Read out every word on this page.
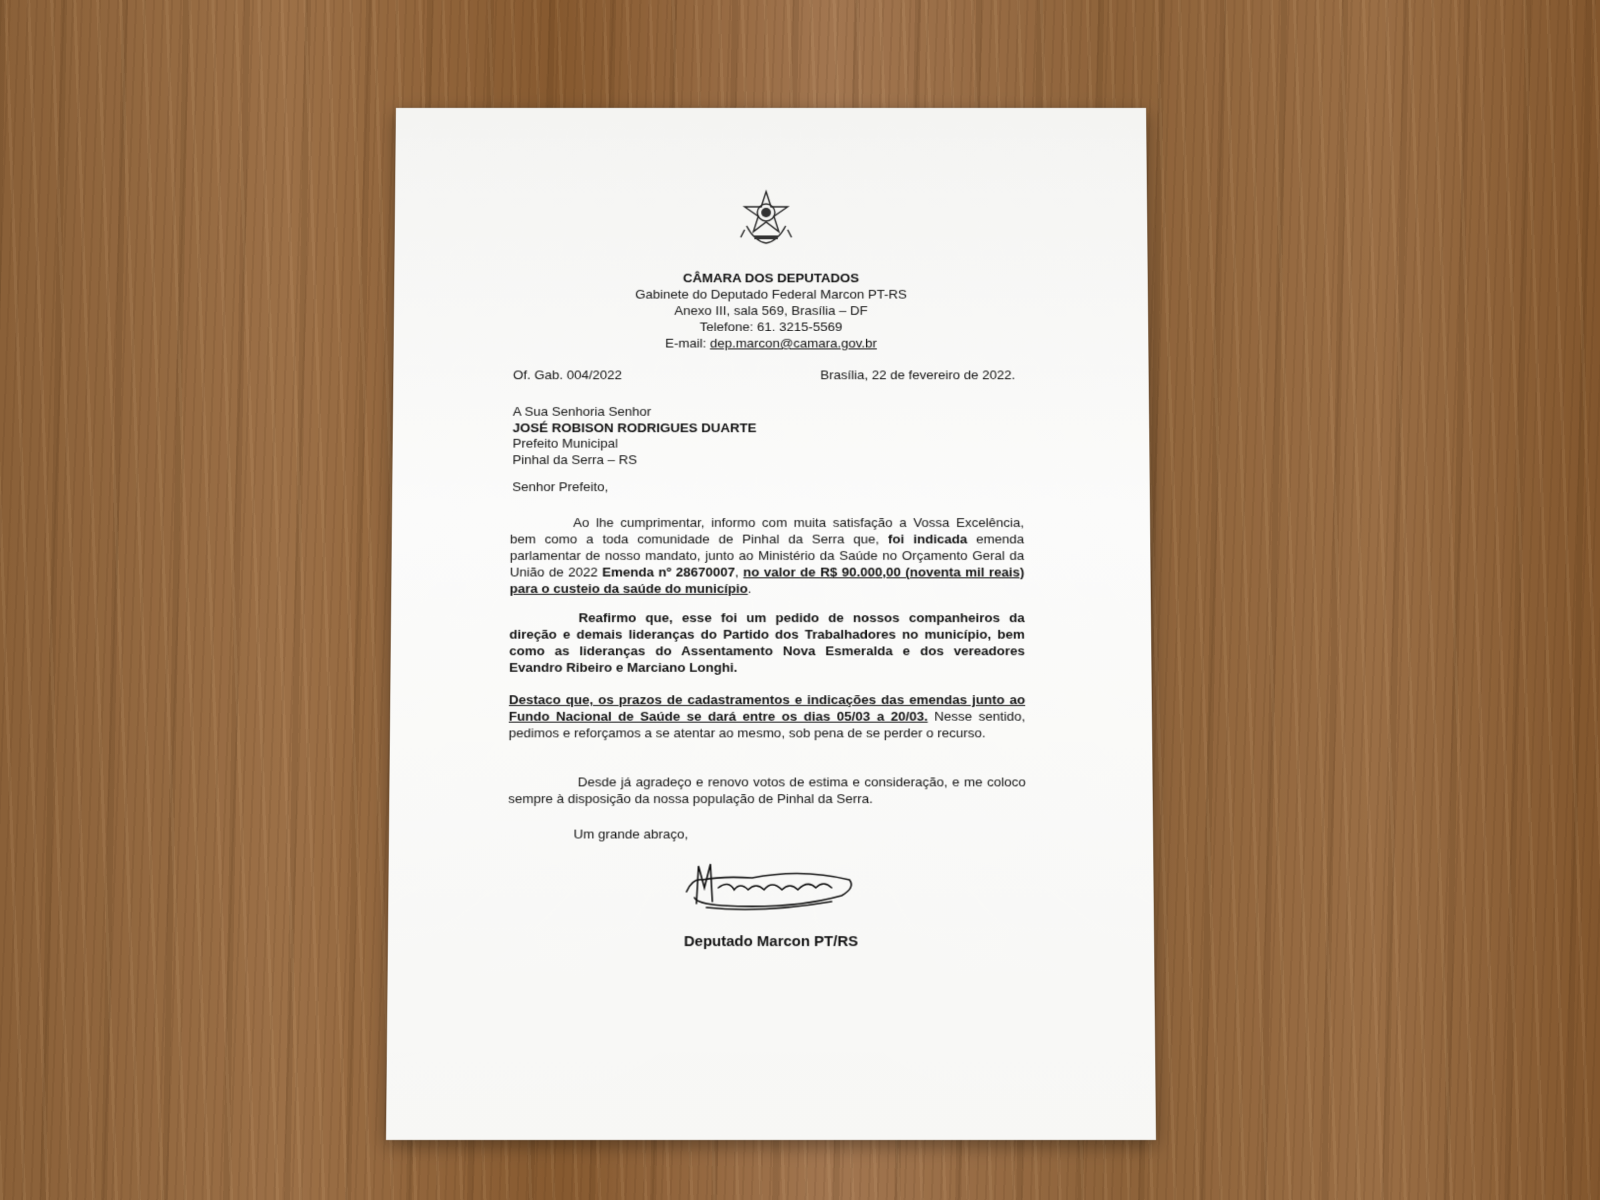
CÂMARA DOS DEPUTADOS
Gabinete do Deputado Federal Marcon PT-RS
Anexo III, sala 569, Brasília – DF
Telefone: 61. 3215-5569
E-mail: dep.marcon@camara.gov.br
Of. Gab. 004/2022	Brasília, 22 de fevereiro de 2022.
A Sua Senhoria Senhor
JOSÉ ROBISON RODRIGUES DUARTE
Prefeito Municipal
Pinhal da Serra – RS
Senhor Prefeito,
Ao lhe cumprimentar, informo com muita satisfação a Vossa Excelência, bem como a toda comunidade de Pinhal da Serra que, foi indicada emenda parlamentar de nosso mandato, junto ao Ministério da Saúde no Orçamento Geral da União de 2022 Emenda nº 28670007, no valor de R$ 90.000,00 (noventa mil reais) para o custeio da saúde do município.
Reafirmo que, esse foi um pedido de nossos companheiros da direção e demais lideranças do Partido dos Trabalhadores no município, bem como as lideranças do Assentamento Nova Esmeralda e dos vereadores Evandro Ribeiro e Marciano Longhi.
Destaco que, os prazos de cadastramentos e indicações das emendas junto ao Fundo Nacional de Saúde se dará entre os dias 05/03 a 20/03. Nesse sentido, pedimos e reforçamos a se atentar ao mesmo, sob pena de se perder o recurso.
Desde já agradeço e renovo votos de estima e consideração, e me coloco sempre à disposição da nossa população de Pinhal da Serra.
Um grande abraço,
Deputado Marcon PT/RS
